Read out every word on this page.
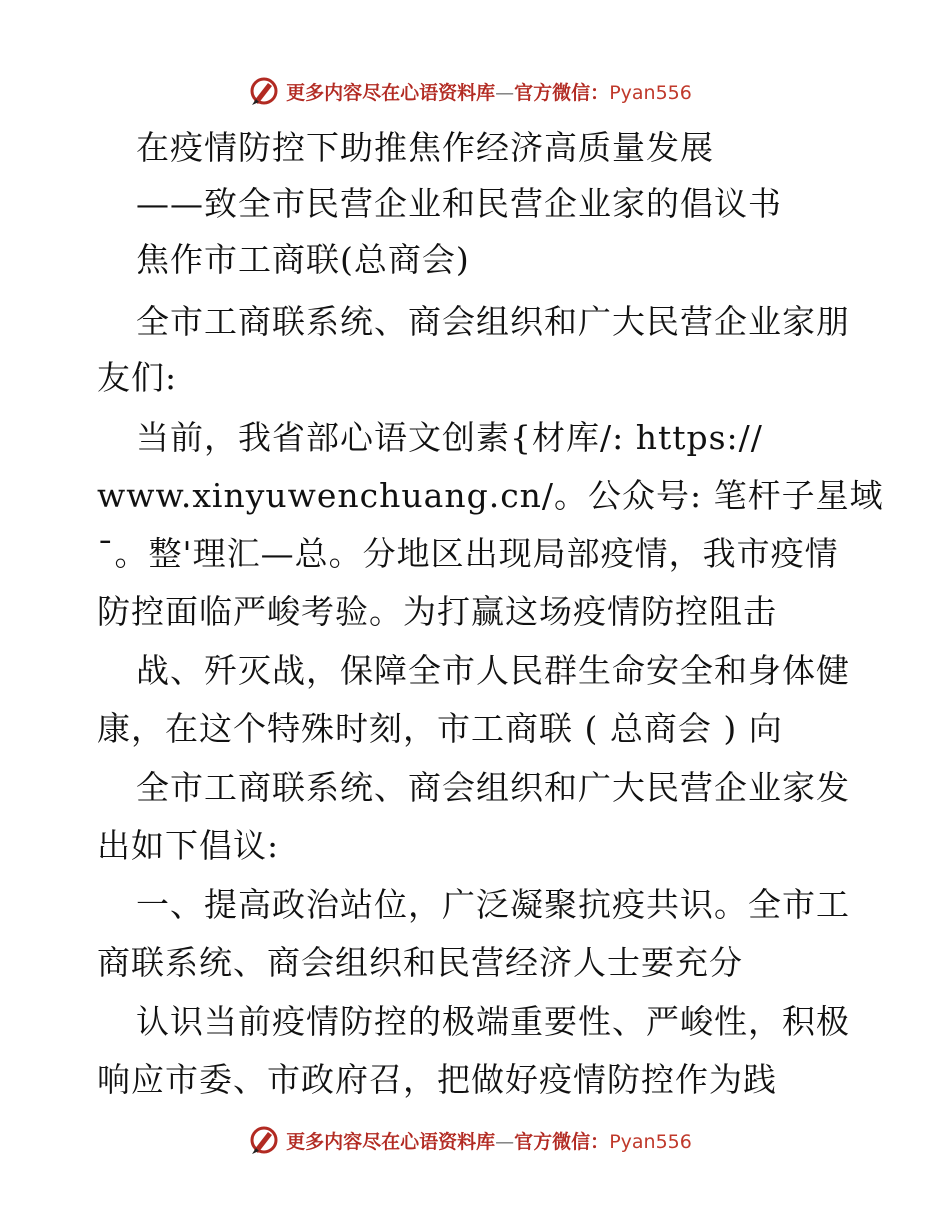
更多内容尽在心语资料库—官方微信：Pyan556
在疫情防控下助推焦作经济高质量发展
——致全市民营企业和民营企业家的倡议书
焦作市工商联(总商会)
全市工商联系统、商会组织和广大民营企业家朋
友们:
当前，我省部心语文创素{材库/: https://
www.xinyuwenchuang.cn/。公众号: 笔杆子星域
¯。整'理汇—总。分地区出现局部疫情，我市疫情
防控面临严峻考验。为打赢这场疫情防控阻击
战、歼灭战，保障全市人民群生命安全和身体健
康，在这个特殊时刻，市工商联 ( 总商会 ) 向
全市工商联系统、商会组织和广大民营企业家发
出如下倡议:
一、提高政治站位，广泛凝聚抗疫共识。全市工
商联系统、商会组织和民营经济人士要充分
认识当前疫情防控的极端重要性、严峻性，积极
响应市委、市政府召，把做好疫情防控作为践
更多内容尽在心语资料库—官方微信：Pyan556
